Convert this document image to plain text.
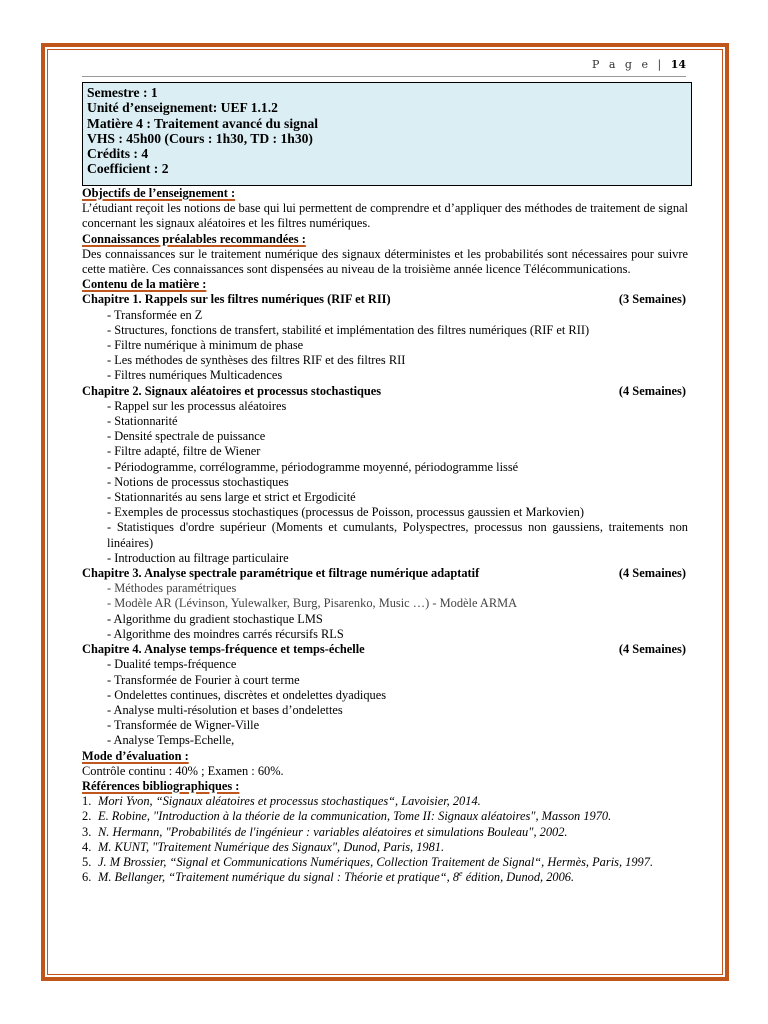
P a g e | 14
Semestre : 1
Unité d’enseignement: UEF 1.1.2
Matière 4 : Traitement avancé du signal
VHS : 45h00 (Cours : 1h30, TD : 1h30)
Crédits : 4
Coefficient : 2
Objectifs de l’enseignement :
L’étudiant reçoit les notions de base qui lui permettent de comprendre et d’appliquer des méthodes de traitement de signal concernant les signaux aléatoires et les filtres numériques.
Connaissances préalables recommandées :
Des connaissances sur le traitement numérique des signaux déterministes et les probabilités sont nécessaires pour suivre cette matière. Ces connaissances sont dispensées au niveau de la troisième année licence Télécommunications.
Contenu de la matière :
Chapitre 1. Rappels sur les filtres numériques (RIF et RII)	(3 Semaines)
- Transformée en Z
- Structures, fonctions de transfert, stabilité et implémentation des filtres numériques (RIF et RII)
- Filtre numérique à minimum de phase
- Les méthodes de synthèses des filtres RIF et des filtres RII
- Filtres numériques Multicadences
Chapitre 2. Signaux aléatoires et processus stochastiques	(4 Semaines)
- Rappel sur les processus aléatoires
- Stationnarité
- Densité spectrale de puissance
- Filtre adapté, filtre de Wiener
- Périodogramme, corrélogramme, périodogramme moyenné, périodogramme lissé
- Notions de processus stochastiques
- Stationnarités au sens large et strict et Ergodicité
- Exemples de processus stochastiques (processus de Poisson, processus gaussien et Markovien)
- Statistiques d'ordre supérieur (Moments et cumulants, Polyspectres, processus non gaussiens, traitements non linéaires)
- Introduction au filtrage particulaire
Chapitre 3. Analyse spectrale paramétrique et filtrage numérique adaptatif	(4 Semaines)
- Méthodes paramétriques
- Modèle AR (Lévinson, Yulewalker, Burg, Pisarenko, Music …) - Modèle ARMA
- Algorithme du gradient stochastique LMS
- Algorithme des moindres carrés récursifs RLS
Chapitre 4. Analyse temps-fréquence et temps-échelle	(4 Semaines)
- Dualité temps-fréquence
- Transformée de Fourier à court terme
- Ondelettes continues, discrètes et ondelettes dyadiques
- Analyse multi-résolution et bases d’ondelettes
- Transformée de Wigner-Ville
- Analyse Temps-Echelle,
Mode d’évaluation :
Contrôle continu : 40% ; Examen : 60%.
Références bibliographiques :
1. Mori Yvon, “Signaux aléatoires et processus stochastiques“, Lavoisier, 2014.
2. E. Robine, "Introduction à la théorie de la communication, Tome II: Signaux aléatoires", Masson 1970.
3. N. Hermann, "Probabilités de l'ingénieur : variables aléatoires et simulations Bouleau", 2002.
4. M. KUNT, "Traitement Numérique des Signaux", Dunod, Paris, 1981.
5. J. M Brossier, “Signal et Communications Numériques, Collection Traitement de Signal“, Hermès, Paris, 1997.
6. M. Bellanger, “Traitement numérique du signal : Théorie et pratique“, 8e édition, Dunod, 2006.
